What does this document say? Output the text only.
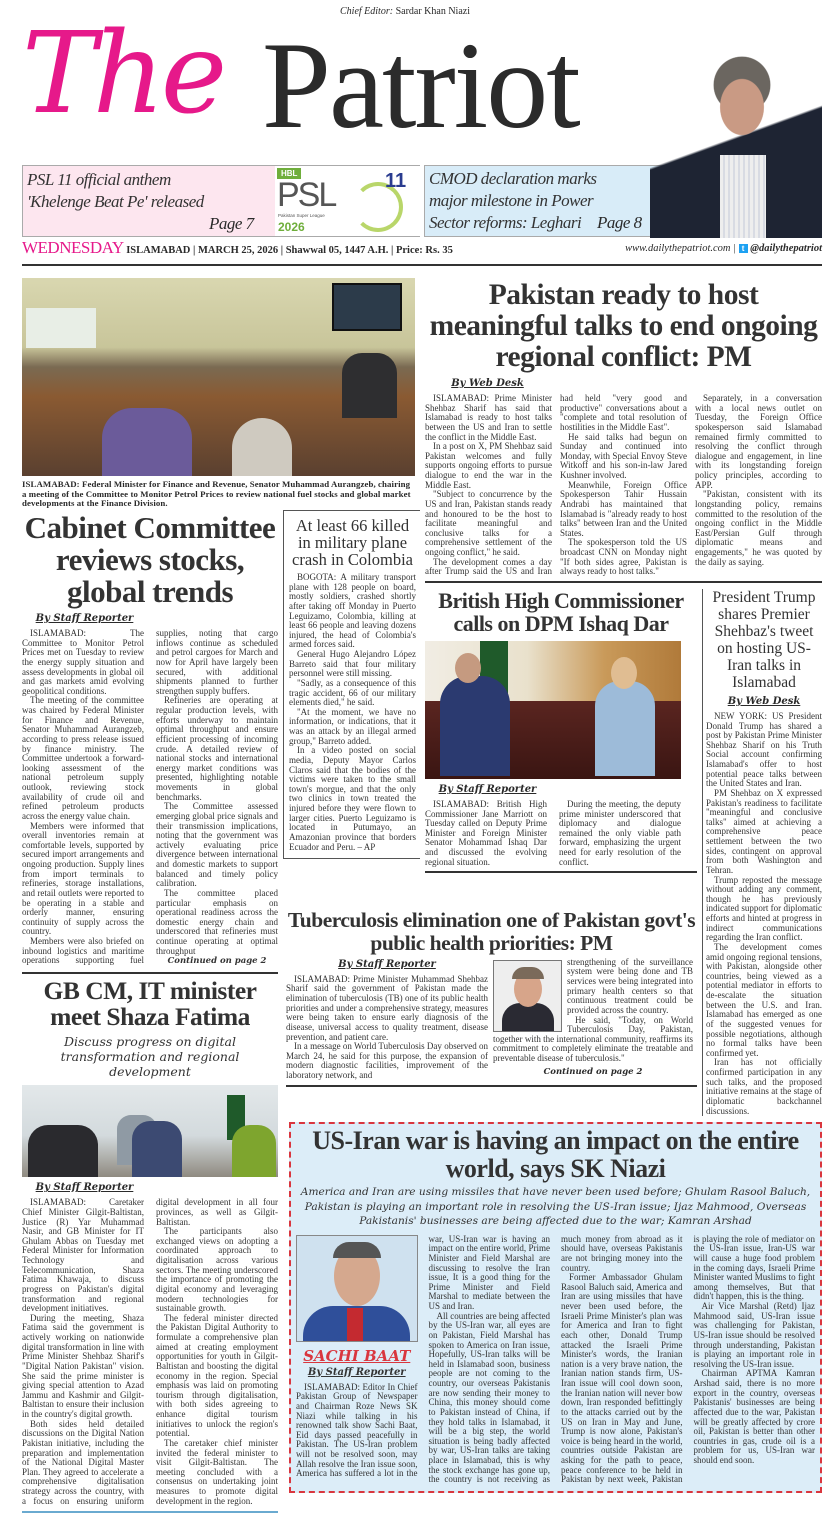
Chief Editor: Sardar Khan Niazi
The Patriot
PSL 11 official anthem
'Khelenge Beat Pe' released
Page 7
HBL
PSL
Pakistan Super League
2026
11 CMOD declaration marks
major milestone in Power
Sector reforms: Leghari Page 8
WEDNESDAY ISLAMABAD | MARCH 25, 2026 | Shawwal 05, 1447 A.H. | Price: Rs. 35	www.dailythepatriot.com | t @dailythepatriot
ISLAMABAD: Federal Minister for Finance and Revenue, Senator Muhammad Aurangzeb, chairing a meeting of the Committee to Monitor Petrol Prices to review national fuel stocks and global market developments at the Finance Division.
Cabinet Committee reviews stocks, global trends
By Staff Reporter

ISLAMABAD: The Committee to Monitor Petrol Prices met on Tuesday to review the energy supply situation and assess developments in global oil and gas markets amid evolving geopolitical conditions.

The meeting of the committee was chaired by Federal Minister for Finance and Revenue, Senator Muhammad Aurangzeb, according to press release issued by finance ministry. The Committee undertook a forward-looking assessment of the national petroleum supply outlook, reviewing stock availability of crude oil and refined petroleum products across the energy value chain.

Members were informed that overall inventories remain at comfortable levels, supported by secured import arrangements and ongoing production. Supply lines from import terminals to refineries, storage installations, and retail outlets were reported to be operating in a stable and orderly manner, ensuring continuity of supply across the country.

Members were also briefed on inbound logistics and maritime operations supporting fuel supplies, noting that cargo inflows continue as scheduled and petrol cargoes for March and now for April have largely been secured, with additional shipments planned to further strengthen supply buffers.

Refineries are operating at regular production levels, with efforts underway to maintain optimal throughput and ensure efficient processing of incoming crude. A detailed review of national stocks and international energy market conditions was presented, highlighting notable movements in global benchmarks.

The Committee assessed emerging global price signals and their transmission implications, noting that the government was actively evaluating price divergence between international and domestic markets to support balanced and timely policy calibration.

The committee placed particular emphasis on operational readiness across the domestic energy chain and underscored that refineries must continue operating at optimal throughput

Continued on page 2
GB CM, IT minister meet Shaza Fatima
Discuss progress on digital transformation and regional development
By Staff Reporter

ISLAMABAD: Caretaker Chief Minister Gilgit-Baltistan, Justice (R) Yar Muhammad Nasir, and GB Minister for IT Ghulam Abbas on Tuesday met Federal Minister for Information Technology and Telecommunication, Shaza Fatima Khawaja, to discuss progress on Pakistan's digital transformation and regional development initiatives.

During the meeting, Shaza Fatima said the government is actively working on nationwide digital transformation in line with Prime Minister Shehbaz Sharif's "Digital Nation Pakistan" vision. She said the prime minister is giving special attention to Azad Jammu and Kashmir and Gilgit-Baltistan to ensure their inclusion in the country's digital growth.

Both sides held detailed discussions on the Digital Nation Pakistan initiative, including the preparation and implementation of the National Digital Master Plan. They agreed to accelerate a comprehensive digitalisation strategy across the country, with a focus on ensuring uniform digital development in all four provinces, as well as Gilgit-Baltistan.

The participants also exchanged views on adopting a coordinated approach to digitalisation across various sectors. The meeting underscored the importance of promoting the digital economy and leveraging modern technologies for sustainable growth.

The federal minister directed the Pakistan Digital Authority to formulate a comprehensive plan aimed at creating employment opportunities for youth in Gilgit-Baltistan and boosting the digital economy in the region. Special emphasis was laid on promoting tourism through digitalisation, with both sides agreeing to enhance digital tourism initiatives to unlock the region's potential.

The caretaker chief minister invited the federal minister to visit Gilgit-Baltistan. The meeting concluded with a consensus on undertaking joint measures to promote digital development in the region.

Pakistan ready to host meaningful talks to end ongoing regional conflict: PM
By Web Desk

ISLAMABAD: Prime Minister Shehbaz Sharif has said that Islamabad is ready to host talks between the US and Iran to settle the conflict in the Middle East.

In a post on X, PM Shehbaz said Pakistan welcomes and fully supports ongoing efforts to pursue dialogue to end the war in the Middle East.

"Subject to concurrence by the US and Iran, Pakistan stands ready and honoured to be the host to facilitate meaningful and conclusive talks for a comprehensive settlement of the ongoing conflict," he said.

The development comes a day after Trump said the US and Iran had held "very good and productive" conversations about a "complete and total resolution of hostilities in the Middle East".

He said talks had begun on Sunday and continued into Monday, with Special Envoy Steve Witkoff and his son-in-law Jared Kushner involved.

Meanwhile, Foreign Office Spokesperson Tahir Hussain Andrabi has maintained that Islamabad is "already ready to host talks" between Iran and the United States.

The spokesperson told the US broadcast CNN on Monday night "If both sides agree, Pakistan is always ready to host talks."

Separately, in a conversation with a local news outlet on Tuesday, the Foreign Office spokesperson said Islamabad remained firmly committed to resolving the conflict through dialogue and engagement, in line with its longstanding foreign policy principles, according to APP.

"Pakistan, consistent with its longstanding policy, remains committed to the resolution of the ongoing conflict in the Middle East/Persian Gulf through diplomatic means and engagements," he was quoted by the daily as saying.

At least 66 killed in military plane crash in Colombia

BOGOTA: A military transport plane with 128 people on board, mostly soldiers, crashed shortly after taking off Monday in Puerto Leguizamo, Colombia, killing at least 66 people and leaving dozens injured, the head of Colombia's armed forces said.

General Hugo Alejandro López Barreto said that four military personnel were still missing.

"Sadly, as a consequence of this tragic accident, 66 of our military elements died," he said.

"At the moment, we have no information, or indications, that it was an attack by an illegal armed group," Barreto added.

In a video posted on social media, Deputy Mayor Carlos Claros said that the bodies of the victims were taken to the small town's morgue, and that the only two clinics in town treated the injured before they were flown to larger cities. Puerto Leguizamo is located in Putumayo, an Amazonian province that borders Ecuador and Peru. – AP

British High Commissioner calls on DPM Ishaq Dar
By Staff Reporter

ISLAMABAD: British High Commissioner Jane Marriott on Tuesday called on Deputy Prime Minister and Foreign Minister Senator Mohammad Ishaq Dar and discussed the evolving regional situation.

During the meeting, the deputy prime minister underscored that diplomacy and dialogue remained the only viable path forward, emphasizing the urgent need for early resolution of the conflict.

President Trump shares Premier Shehbaz's tweet on hosting US-Iran talks in Islamabad
By Web Desk

NEW YORK: US President Donald Trump has shared a post by Pakistan Prime Minister Shehbaz Sharif on his Truth Social account confirming Islamabad's offer to host potential peace talks between the United States and Iran.

PM Shehbaz on X expressed Pakistan's readiness to facilitate "meaningful and conclusive talks" aimed at achieving a comprehensive peace settlement between the two sides, contingent on approval from both Washington and Tehran.

Trump reposted the message without adding any comment, though he has previously indicated support for diplomatic efforts and hinted at progress in indirect communications regarding the Iran conflict.

The development comes amid ongoing regional tensions, with Pakistan, alongside other countries, being viewed as a potential mediator in efforts to de-escalate the situation between the U.S. and Iran. Islamabad has emerged as one of the suggested venues for possible negotiations, although no formal talks have been confirmed yet.

Iran has not officially confirmed participation in any such talks, and the proposed initiative remains at the stage of diplomatic backchannel discussions.

Tuberculosis elimination one of Pakistan govt's public health priorities: PM
By Staff Reporter

ISLAMABAD: Prime Minister Muhammad Shehbaz Sharif said the government of Pakistan made the elimination of tuberculosis (TB) one of its public health priorities and under a comprehensive strategy, measures were being taken to ensure early diagnosis of the disease, universal access to quality treatment, disease prevention, and patient care.

In a message on World Tuberculosis Day observed on March 24, he said for this purpose, the expansion of modern diagnostic facilities, improvement of the laboratory network, and

strengthening of the surveillance system were being done and TB services were being integrated into primary health centers so that continuous treatment could be provided across the country.

He said, "Today, on World Tuberculosis Day, Pakistan, together with the international community, reaffirms its commitment to completely eliminate the treatable and preventable disease of tuberculosis."

Continued on page 2
US-Iran war is having an impact on the entire world, says SK Niazi
America and Iran are using missiles that have never been used before; Ghulam Rasool Baluch, Pakistan is playing an important role in resolving the US-Iran issue; Ijaz Mahmood, Overseas Pakistanis' businesses are being affected due to the war; Kamran Arshad
SACHI BAAT
By Staff Reporter

ISLAMABAD: Editor In Chief Pakistan Group of Newspaper and Chairman Roze News SK Niazi while talking in his renowned talk show Sachi Baat, Eid days passed peacefully in Pakistan. The US-Iran problem will not be resolved soon, may Allah resolve the Iran issue soon, America has suffered a lot in the war, US-Iran war is having an impact on the entire world, Prime Minister and Field Marshal are discussing to resolve the Iran issue, It is a good thing for the Prime Minister and Field Marshal to mediate between the US and Iran.

All countries are being affected by the US-Iran war, all eyes are on Pakistan, Field Marshal has spoken to America on Iran issue, Hopefully, US-Iran talks will be held in Islamabad soon, business people are not coming to the country, our overseas Pakistanis are now sending their money to China, this money should come to Pakistan instead of China, if they hold talks in Islamabad, it will be a big step, the world situation is being badly affected by war, US-Iran talks are taking place in Islamabad, this is why the stock exchange has gone up, the country is not receiving as much money from abroad as it should have, overseas Pakistanis are not bringing money into the country.

Former Ambassador Ghulam Rasool Baluch said, America and Iran are using missiles that have never been used before, the Israeli Prime Minister's plan was for America and Iran to fight each other, Donald Trump attacked the Israeli Prime Minister's words, the Iranian nation is a very brave nation, the Iranian nation stands firm, US-Iran issue will cool down soon, the Iranian nation will never bow down, Iran responded befittingly to the attacks carried out by the US on Iran in May and June, Trump is now alone, Pakistan's voice is being heard in the world, countries outside Pakistan are asking for the path to peace, peace conference to be held in Pakistan by next week, Pakistan is playing the role of mediator on the US-Iran issue, Iran-US war will cause a huge food problem in the coming days, Israeli Prime Minister wanted Muslims to fight among themselves, But that didn't happen, this is the thing.

Air Vice Marshal (Retd) Ijaz Mahmood said, US-Iran issue was challenging for Pakistan, US-Iran issue should be resolved through understanding, Pakistan is playing an important role in resolving the US-Iran issue.

Chairman APTMA Kamran Arshad said, there is no more export in the country, overseas Pakistanis' businesses are being affected due to the war, Pakistan will be greatly affected by crore oil, Pakistan is better than other countries in gas, crude oil is a problem for us, US-Iran war should end soon.
